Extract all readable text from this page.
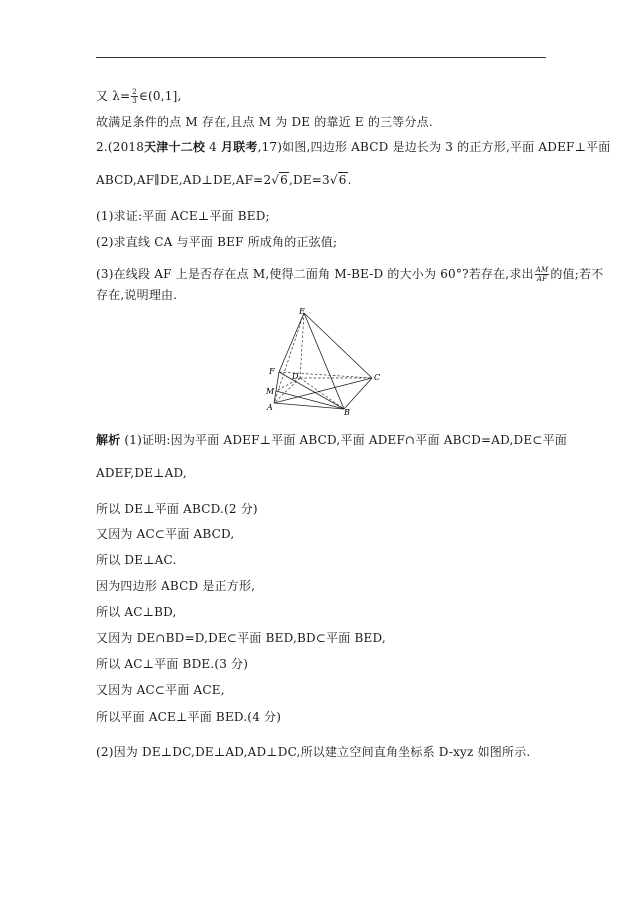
又 $\lambda= \frac{2}{3}$ ∈(0,1],
故满足条件的点 M 存在,且点 M 为 DE 的靠近 E 的三等分点.
2.(2018天津十二校 4 月联考,17)如图,四边形 ABCD 是边长为 3 的正方形,平面 ADEF⊥平面
ABCD,AF∥DE,AD⊥DE,AF=2√6,DE=3√6.
(1)求证:平面 ACE⊥平面 BED;
(2)求直线 CA 与平面 BEF 所成角的正弦值;
(3)在线段 AF 上是否存在点 M,使得二面角 M-BE-D 的大小为 60°?若存在,求出 $\frac{AM}{AF}$ 的值;若不
存在,说明理由.
E
F
D	C
M
A
B
解析 (1)证明:因为平面 ADEF⊥平面 ABCD,平面 ADEF∩平面 ABCD=AD,DE⊂平面
ADEF,DE⊥AD,
所以 DE⊥平面 ABCD.(2 分)
又因为 AC⊂平面 ABCD,
所以 DE⊥AC.
因为四边形 ABCD 是正方形,
所以 AC⊥BD,
又因为 DE∩BD=D,DE⊂平面 BED,BD⊂平面 BED,
所以 AC⊥平面 BDE.(3 分)
又因为 AC⊂平面 ACE,
所以平面 ACE⊥平面 BED.(4 分)
(2)因为 DE⊥DC,DE⊥AD,AD⊥DC,所以建立空间直角坐标系 D-xyz 如图所示.
